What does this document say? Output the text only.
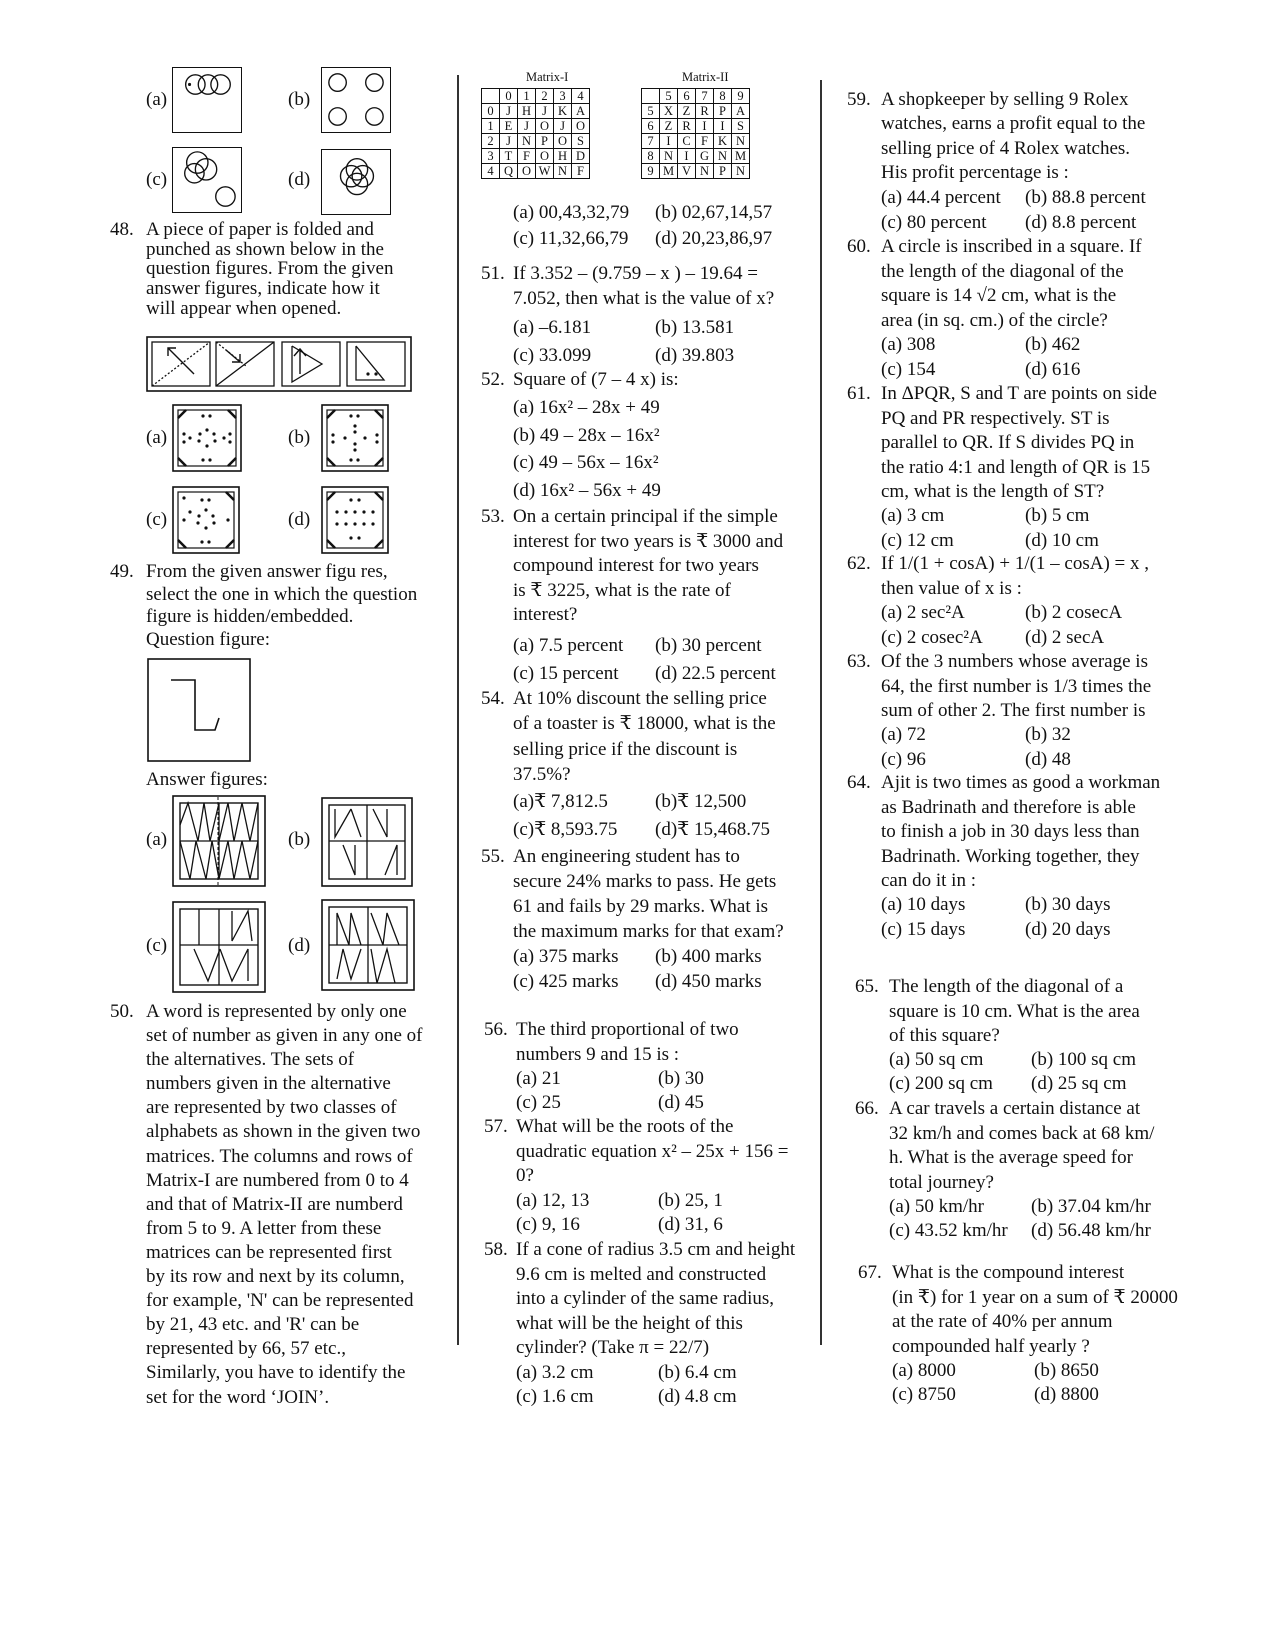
(a)	(b)
(c)	(d)
48. A piece of paper is folded and
punched as shown below in the
question figures. From the given
answer figures, indicate how it
will appear when opened.
(a)	(b)
(c)	(d)
49. From the given answer figu res,
select the one in which the question
figure is hidden/embedded.
Question figure:
Answer figures:
(a)	(b)
(c)	(d)
50. A word is represented by only one
set of number as given in any one of
the alternatives. The sets of
numbers given in the alternative
are represented by two classes of
alphabets as shown in the given two
matrices. The columns and rows of
Matrix-I are numbered from 0 to 4
and that of Matrix-II are numberd
from 5 to 9. A letter from these
matrices can be represented first
by its row and next by its column,
for example, 'N' can be represented
by 21, 43 etc. and 'R' can be
represented by 66, 57 etc.,
Similarly, you have to identify the
set for the word ‘JOIN’.
Matrix-I	Matrix-II
	0	1	2	3	4
0	J	H	J	K	A
1	E	J	O	J	O
2	J	N	P	O	S
3	T	F	O	H	D
4	Q	O	W	N	F
	5	6	7	8	9
5	X	Z	R	P	A
6	Z	R	I	I	S
7	I	C	F	K	N
8	N	I	G	N	M
9	M	V	N	P	N
(a) 00,43,32,79 (b) 02,67,14,57
(c) 11,32,66,79 (d) 20,23,86,97
51. If 3.352 – (9.759 – x ) – 19.64 =
7.052, then what is the value of x?
(a) –6.181	(b) 13.581
(c) 33.099	(d) 39.803
52. Square of (7 – 4 x) is:
(a) 16x² – 28x + 49
(b) 49 – 28x – 16x²
(c) 49 – 56x – 16x²
(d) 16x² – 56x + 49
53. On a certain principal if the simple
interest for two years is ₹ 3000 and
compound interest for two years
is ₹ 3225, what is the rate of
interest?
(a) 7.5 percent (b) 30 percent
(c) 15 percent (d) 22.5 percent
54. At 10% discount the selling price
of a toaster is ₹ 18000, what is the
selling price if the discount is
37.5%?
(a)₹ 7,812.5 (b)₹ 12,500
(c)₹ 8,593.75 (d)₹ 15,468.75
55. An engineering student has to
secure 24% marks to pass. He gets
61 and fails by 29 marks. What is
the maximum marks for that exam?
(a) 375 marks (b) 400 marks
(c) 425 marks (d) 450 marks
56. The third proportional of two
numbers 9 and 15 is :
(a) 21	(b) 30
(c) 25	(d) 45
57. What will be the roots of the
quadratic equation x² – 25x + 156 =
0?
(a) 12, 13	(b) 25, 1
(c) 9, 16	(d) 31, 6
58. If a cone of radius 3.5 cm and height
9.6 cm is melted and constructed
into a cylinder of the same radius,
what will be the height of this
cylinder? (Take π = 22/7)
(a) 3.2 cm	(b) 6.4 cm
(c) 1.6 cm	(d) 4.8 cm
59. A shopkeeper by selling 9 Rolex
watches, earns a profit equal to the
selling price of 4 Rolex watches.
His profit percentage is :
(a) 44.4 percent (b) 88.8 percent
(c) 80 percent (d) 8.8 percent
60. A circle is inscribed in a square. If
the length of the diagonal of the
square is 14 √2 cm, what is the
area (in sq. cm.) of the circle?
(a) 308	(b) 462
(c) 154	(d) 616
61. In ΔPQR, S and T are points on side
PQ and PR respectively. ST is
parallel to QR. If S divides PQ in
the ratio 4:1 and length of QR is 15
cm, what is the length of ST?
(a) 3 cm	(b) 5 cm
(c) 12 cm	(d) 10 cm
62. If 1/(1 + cosA) + 1/(1 – cosA) = x ,
then value of x is :
(a) 2 sec²A	(b) 2 cosecA
(c) 2 cosec²A (d) 2 secA
63. Of the 3 numbers whose average is
64, the first number is 1/3 times the
sum of other 2. The first number is
(a) 72	(b) 32
(c) 96	(d) 48
64. Ajit is two times as good a workman
as Badrinath and therefore is able
to finish a job in 30 days less than
Badrinath. Working together, they
can do it in :
(a) 10 days	(b) 30 days
(c) 15 days	(d) 20 days
65. The length of the diagonal of a
square is 10 cm. What is the area
of this square?
(a) 50 sq cm	(b) 100 sq cm
(c) 200 sq cm (d) 25 sq cm
66. A car travels a certain distance at
32 km/h and comes back at 68 km/
h. What is the average speed for
total journey?
(a) 50 km/hr (b) 37.04 km/hr
(c) 43.52 km/hr (d) 56.48 km/hr
67. What is the compound interest
(in ₹) for 1 year on a sum of ₹ 20000
at the rate of 40% per annum
compounded half yearly ?
(a) 8000	(b) 8650
(c) 8750	(d) 8800
